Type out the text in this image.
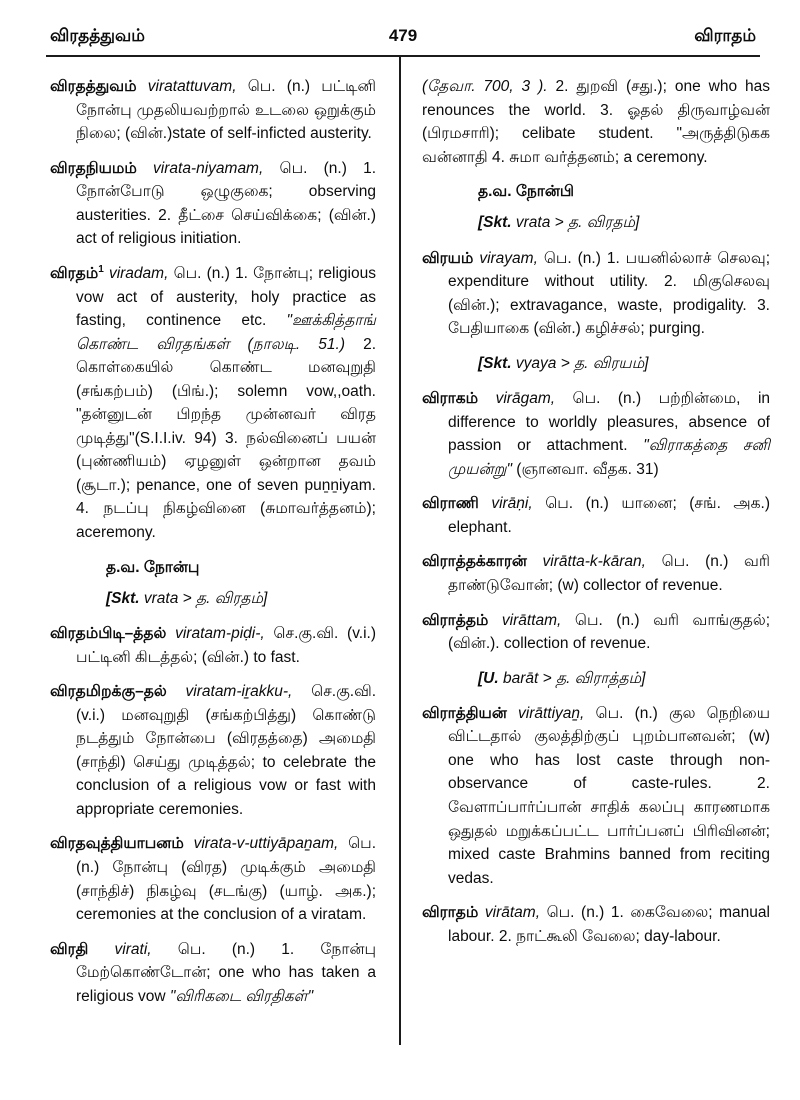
விரதத்துவம்	479	விராதம்

விரதத்துவம் viratattuvam, பெ. (n.) பட்டினி நோன்பு முதலியவற்றால் உடலை ஒறுக்கும் நிலை; (வின்.)state of self-inficted austerity.

விரதநியமம் virata-niyamam, பெ. (n.) 1. நோன்போடு ஒழுகுகை; observing austerities. 2. தீட்சை செய்விக்கை; (வின்.) act of religious initiation.

விரதம்$^1$ viradam, பெ. (n.) 1. நோன்பு; religious vow act of austerity, holy practice as fasting, continence etc. "ஊக்கித்தாங் கொண்ட விரதங்கள் (நாலடி. 51.) 2. கொள்கையில் கொண்ட மனவுறுதி (சங்கற்பம்) (பிங்.); solemn vow,,oath. "தன்னுடன் பிறந்த முன்னவர் விரத முடித்து"(S.I.I.iv. 94) 3. நல்வினைப் பயன் (புண்ணியம்) ஏழனுள் ஒன்றான தவம் (சூடா.); penance, one of seven puṉṉiyam. 4. நடப்பு நிகழ்வினை (சுமாவர்த்தனம்); aceremony.

த.வ. நோன்பு

[Skt. vrata > த. விரதம்]

விரதம்பிடி–த்தல் viratam-piḍi-, செ.கு.வி. (v.i.) பட்டினி கிடத்தல்; (வின்.) to fast.

விரதமிறக்கு–தல் viratam-iṟakku-, செ.கு.வி. (v.i.) மனவுறுதி (சங்கற்பித்து) கொண்டு நடத்தும் நோன்பை (விரதத்தை) அமைதி (சாந்தி) செய்து முடித்தல்; to celebrate the conclusion of a religious vow or fast with appropriate ceremonies.

விரதவுத்தியாபனம் virata-v-uttiyāpaṉam, பெ. (n.) நோன்பு (விரத) முடிக்கும் அமைதி (சாந்திச்) நிகழ்வு (சடங்கு) (யாழ். அக.); ceremonies at the conclusion of a viratam.

விரதி virati, பெ. (n.) 1. நோன்பு மேற்கொண்டோன்; one who has taken a religious vow "விரிகடை விரதிகள்"

(தேவா. 700, 3 ). 2. துறவி (சது.); one who has renounces the world. 3. ஓதல் திருவாழ்வன் (பிரமசாரி); celibate student. "அருத்திடுகக வன்னாதி 4. சுமா வர்த்தனம்; a ceremony.

த.வ. நோன்பி

[Skt. vrata > த. விரதம்]

விரயம் virayam, பெ. (n.) 1. பயனில்லாச் செலவு; expenditure without utility. 2. மிகுசெலவு (வின்.); extravagance, waste, prodigality. 3. பேதியாகை (வின்.) கழிச்சல்; purging.

[Skt. vyaya > த. விரயம்]

விராகம் virāgam, பெ. (n.) பற்றின்மை, in difference to worldly pleasures, absence of passion or attachment. "விராகத்தை சனி முயன்று" (ஞானவா. வீதக. 31)

விராணி virāṇi, பெ. (n.) யானை; (சங். அக.) elephant.

விராத்தக்காரன் virātta-k-kāran, பெ. (n.) வரி தாண்டுவோன்; (w) collector of revenue.

விராத்தம் virāttam, பெ. (n.) வரி வாங்குதல்; (வின்.). collection of revenue.

[U. barāt > த. விராத்தம்]

விராத்தியன் virāttiyaṉ, பெ. (n.) குல நெறியை விட்டதால் குலத்திற்குப் புறம்பானவன்; (w) one who has lost caste through non-observance of caste-rules. 2. வேளாப்பார்ப்பான் சாதிக் கலப்பு காரணமாக ஒதுதல் மறுக்கப்பட்ட பார்ப்பனப் பிரிவினன்; mixed caste Brahmins banned from reciting vedas.

விராதம் virātam, பெ. (n.) 1. கைவேலை; manual labour. 2. நாட்கூலி வேலை; day-labour.
